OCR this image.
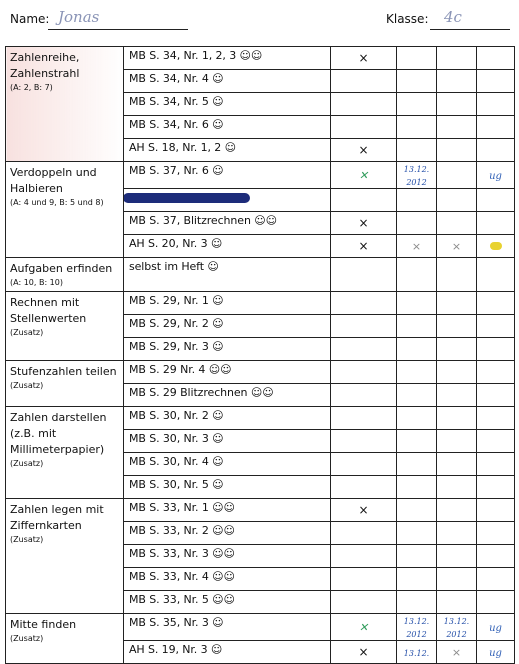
Name: Jonas	Klasse: 4c
Zahlenreihe, Zahlenstrahl
(A: 2, B: 7)	MB S. 34, Nr. 1, 2, 3 ☺☺	×			
	MB S. 34, Nr. 4 ☺				
	MB S. 34, Nr. 5 ☺				
	MB S. 34, Nr. 6 ☺				
	AH S. 18, Nr. 1, 2 ☺	×			

Verdoppeln und Halbieren
(A: 4 und 9, B: 5 und 8)	MB S. 37, Nr. 6 ☺	✕	13.12. 2012		ug

	MB S. 37, Blitzrechnen ☺☺	×			
	AH S. 20, Nr. 3 ☺	×	×	×	

Aufgaben erfinden
(A: 10, B: 10)	selbst im Heft ☺				

Rechnen mit Stellenwerten
(Zusatz)	MB S. 29, Nr. 1 ☺				
	MB S. 29, Nr. 2 ☺				
	MB S. 29, Nr. 3 ☺				

Stufenzahlen teilen
(Zusatz)	MB S. 29 Nr. 4 ☺☺				
	MB S. 29 Blitzrechnen ☺☺				

Zahlen darstellen (z.B. mit Millimeterpapier)
(Zusatz)	MB S. 30, Nr. 2 ☺				
	MB S. 30, Nr. 3 ☺				
	MB S. 30, Nr. 4 ☺				
	MB S. 30, Nr. 5 ☺				

Zahlen legen mit Ziffernkarten
(Zusatz)	MB S. 33, Nr. 1 ☺☺	×			
	MB S. 33, Nr. 2 ☺☺				
	MB S. 33, Nr. 3 ☺☺				
	MB S. 33, Nr. 4 ☺☺				
	MB S. 33, Nr. 5 ☺☺				

Mitte finden
(Zusatz)	MB S. 35, Nr. 3 ☺	✕	13.12. 2012	13.12. 2012	ug
	AH S. 19, Nr. 3 ☺	×	13.12.	×	ug
